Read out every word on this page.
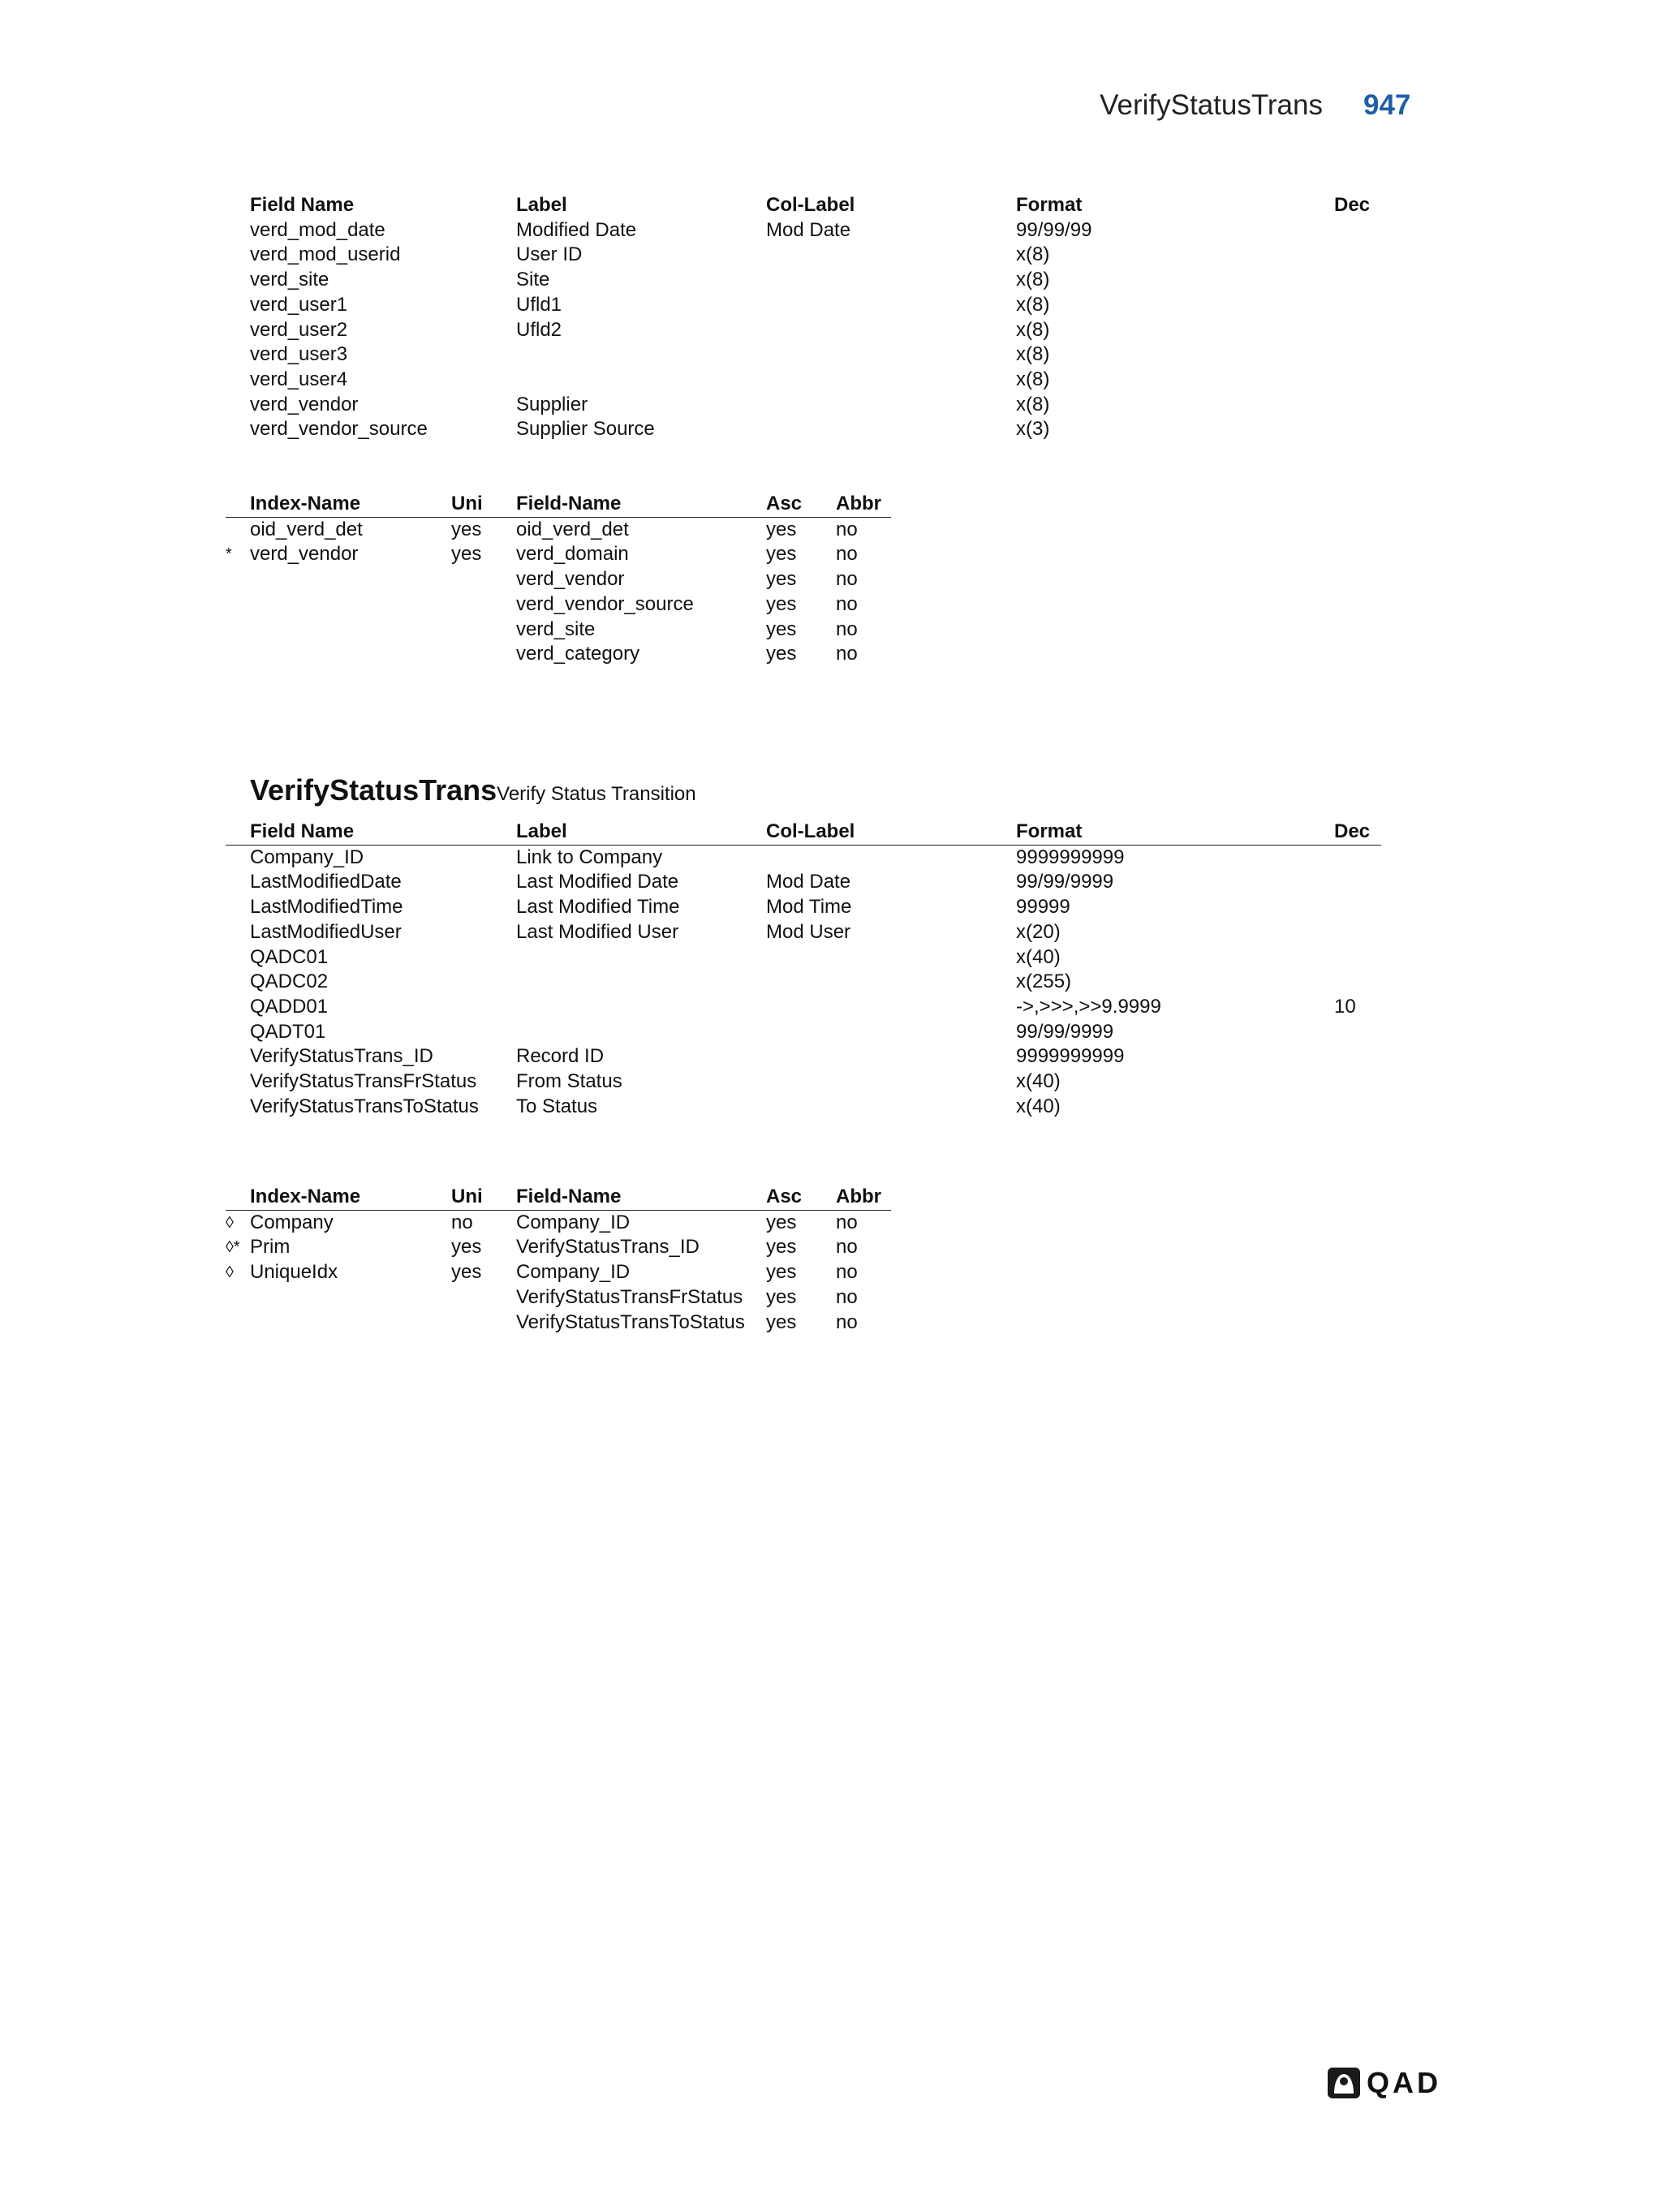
VerifyStatusTrans 947
	Field Name	Label	Col-Label	Format	Dec
	verd_mod_date	Modified Date	Mod Date	99/99/99	
	verd_mod_userid	User ID		x(8)	
	verd_site	Site		x(8)	
	verd_user1	Ufld1		x(8)	
	verd_user2	Ufld2		x(8)	
	verd_user3			x(8)	
	verd_user4			x(8)	
	verd_vendor	Supplier		x(8)	
	verd_vendor_source	Supplier Source		x(3)	
	Index-Name	Uni	Field-Name	Asc	Abbr
	oid_verd_det	yes	oid_verd_det	yes	no
*	verd_vendor	yes	verd_domain	yes	no
			verd_vendor	yes	no
			verd_vendor_source	yes	no
			verd_site	yes	no
			verd_category	yes	no
VerifyStatusTransVerify Status Transition
	Field Name	Label	Col-Label	Format	Dec
	Company_ID	Link to Company		9999999999	
	LastModifiedDate	Last Modified Date	Mod Date	99/99/9999	
	LastModifiedTime	Last Modified Time	Mod Time	99999	
	LastModifiedUser	Last Modified User	Mod User	x(20)	
	QADC01			x(40)	
	QADC02			x(255)	
	QADD01			->,>>>,>>9.9999	10
	QADT01			99/99/9999	
	VerifyStatusTrans_ID	Record ID		9999999999	
	VerifyStatusTransFrStatus	From Status		x(40)	
	VerifyStatusTransToStatus	To Status		x(40)	
	Index-Name	Uni	Field-Name	Asc	Abbr
◊	Company	no	Company_ID	yes	no
◊*	Prim	yes	VerifyStatusTrans_ID	yes	no
◊	UniqueIdx	yes	Company_ID	yes	no
			VerifyStatusTransFrStatus	yes	no
			VerifyStatusTransToStatus	yes	no
QAD
